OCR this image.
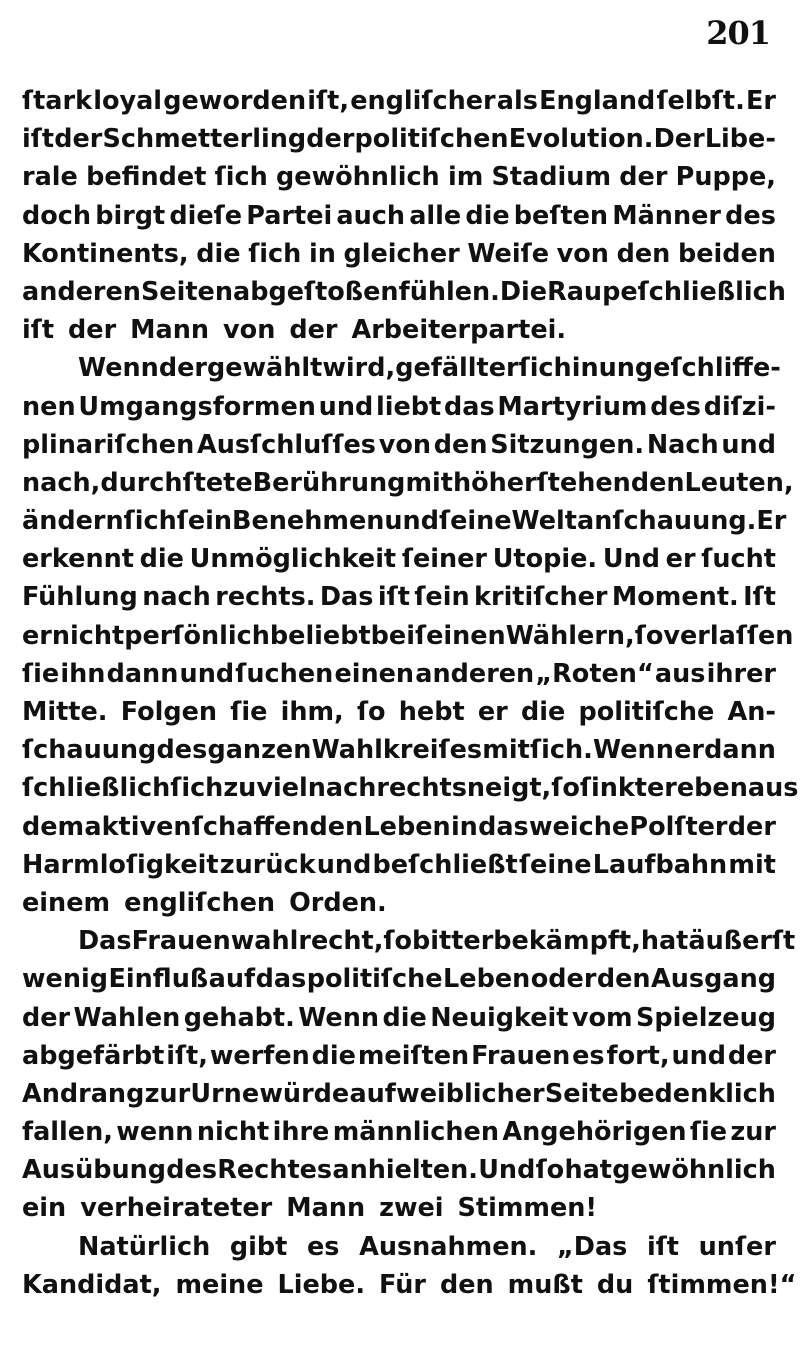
201
ſtark loyal geworden iſt, engliſcher als England ſelbſt. Er
iſt der Schmetterling der politiſchen Evolution. Der Libe-
rale befindet ſich gewöhnlich im Stadium der Puppe,
doch birgt dieſe Partei auch alle die beſten Männer des
Kontinents, die ſich in gleicher Weiſe von den beiden
anderen Seiten abgeſtoßen fühlen. Die Raupe ſchließlich
iſt der Mann von der Arbeiterpartei.
Wenn der gewählt wird, gefällt er ſich in ungeſchliffe-
nen Umgangsformen und liebt das Martyrium des diſzi-
plinariſchen Ausſchluſſes von den Sitzungen. Nach und
nach, durch ſtete Berührung mit höher ſtehenden Leuten,
ändern ſich ſein Benehmen und ſeine Weltanſchauung. Er
erkennt die Unmöglichkeit ſeiner Utopie. Und er ſucht
Fühlung nach rechts. Das iſt ſein kritiſcher Moment. Iſt
er nicht perſönlich beliebt bei ſeinen Wählern, ſo verlaſſen
ſie ihn dann und ſuchen einen anderen „Roten“ aus ihrer
Mitte. Folgen ſie ihm, ſo hebt er die politiſche An-
ſchauung des ganzen Wahlkreiſes mit ſich. Wenn er dann
ſchließlich ſich zu viel nach rechts neigt, ſo ſinkt er eben aus
dem aktiven ſchaffenden Leben in das weiche Polſter der
Harmloſigkeit zurück und beſchließt ſeine Laufbahn mit
einem engliſchen Orden.
Das Frauenwahlrecht, ſo bitter bekämpft, hat äußerſt
wenig Einfluß auf das politiſche Leben oder den Ausgang
der Wahlen gehabt. Wenn die Neuigkeit vom Spielzeug
abgefärbt iſt, werfen die meiſten Frauen es fort, und der
Andrang zur Urne würde auf weiblicher Seite bedenklich
fallen, wenn nicht ihre männlichen Angehörigen ſie zur
Ausübung des Rechtes anhielten. Und ſo hat gewöhnlich
ein verheirateter Mann zwei Stimmen!
Natürlich gibt es Ausnahmen. „Das iſt unſer
Kandidat, meine Liebe. Für den mußt du ſtimmen!“
